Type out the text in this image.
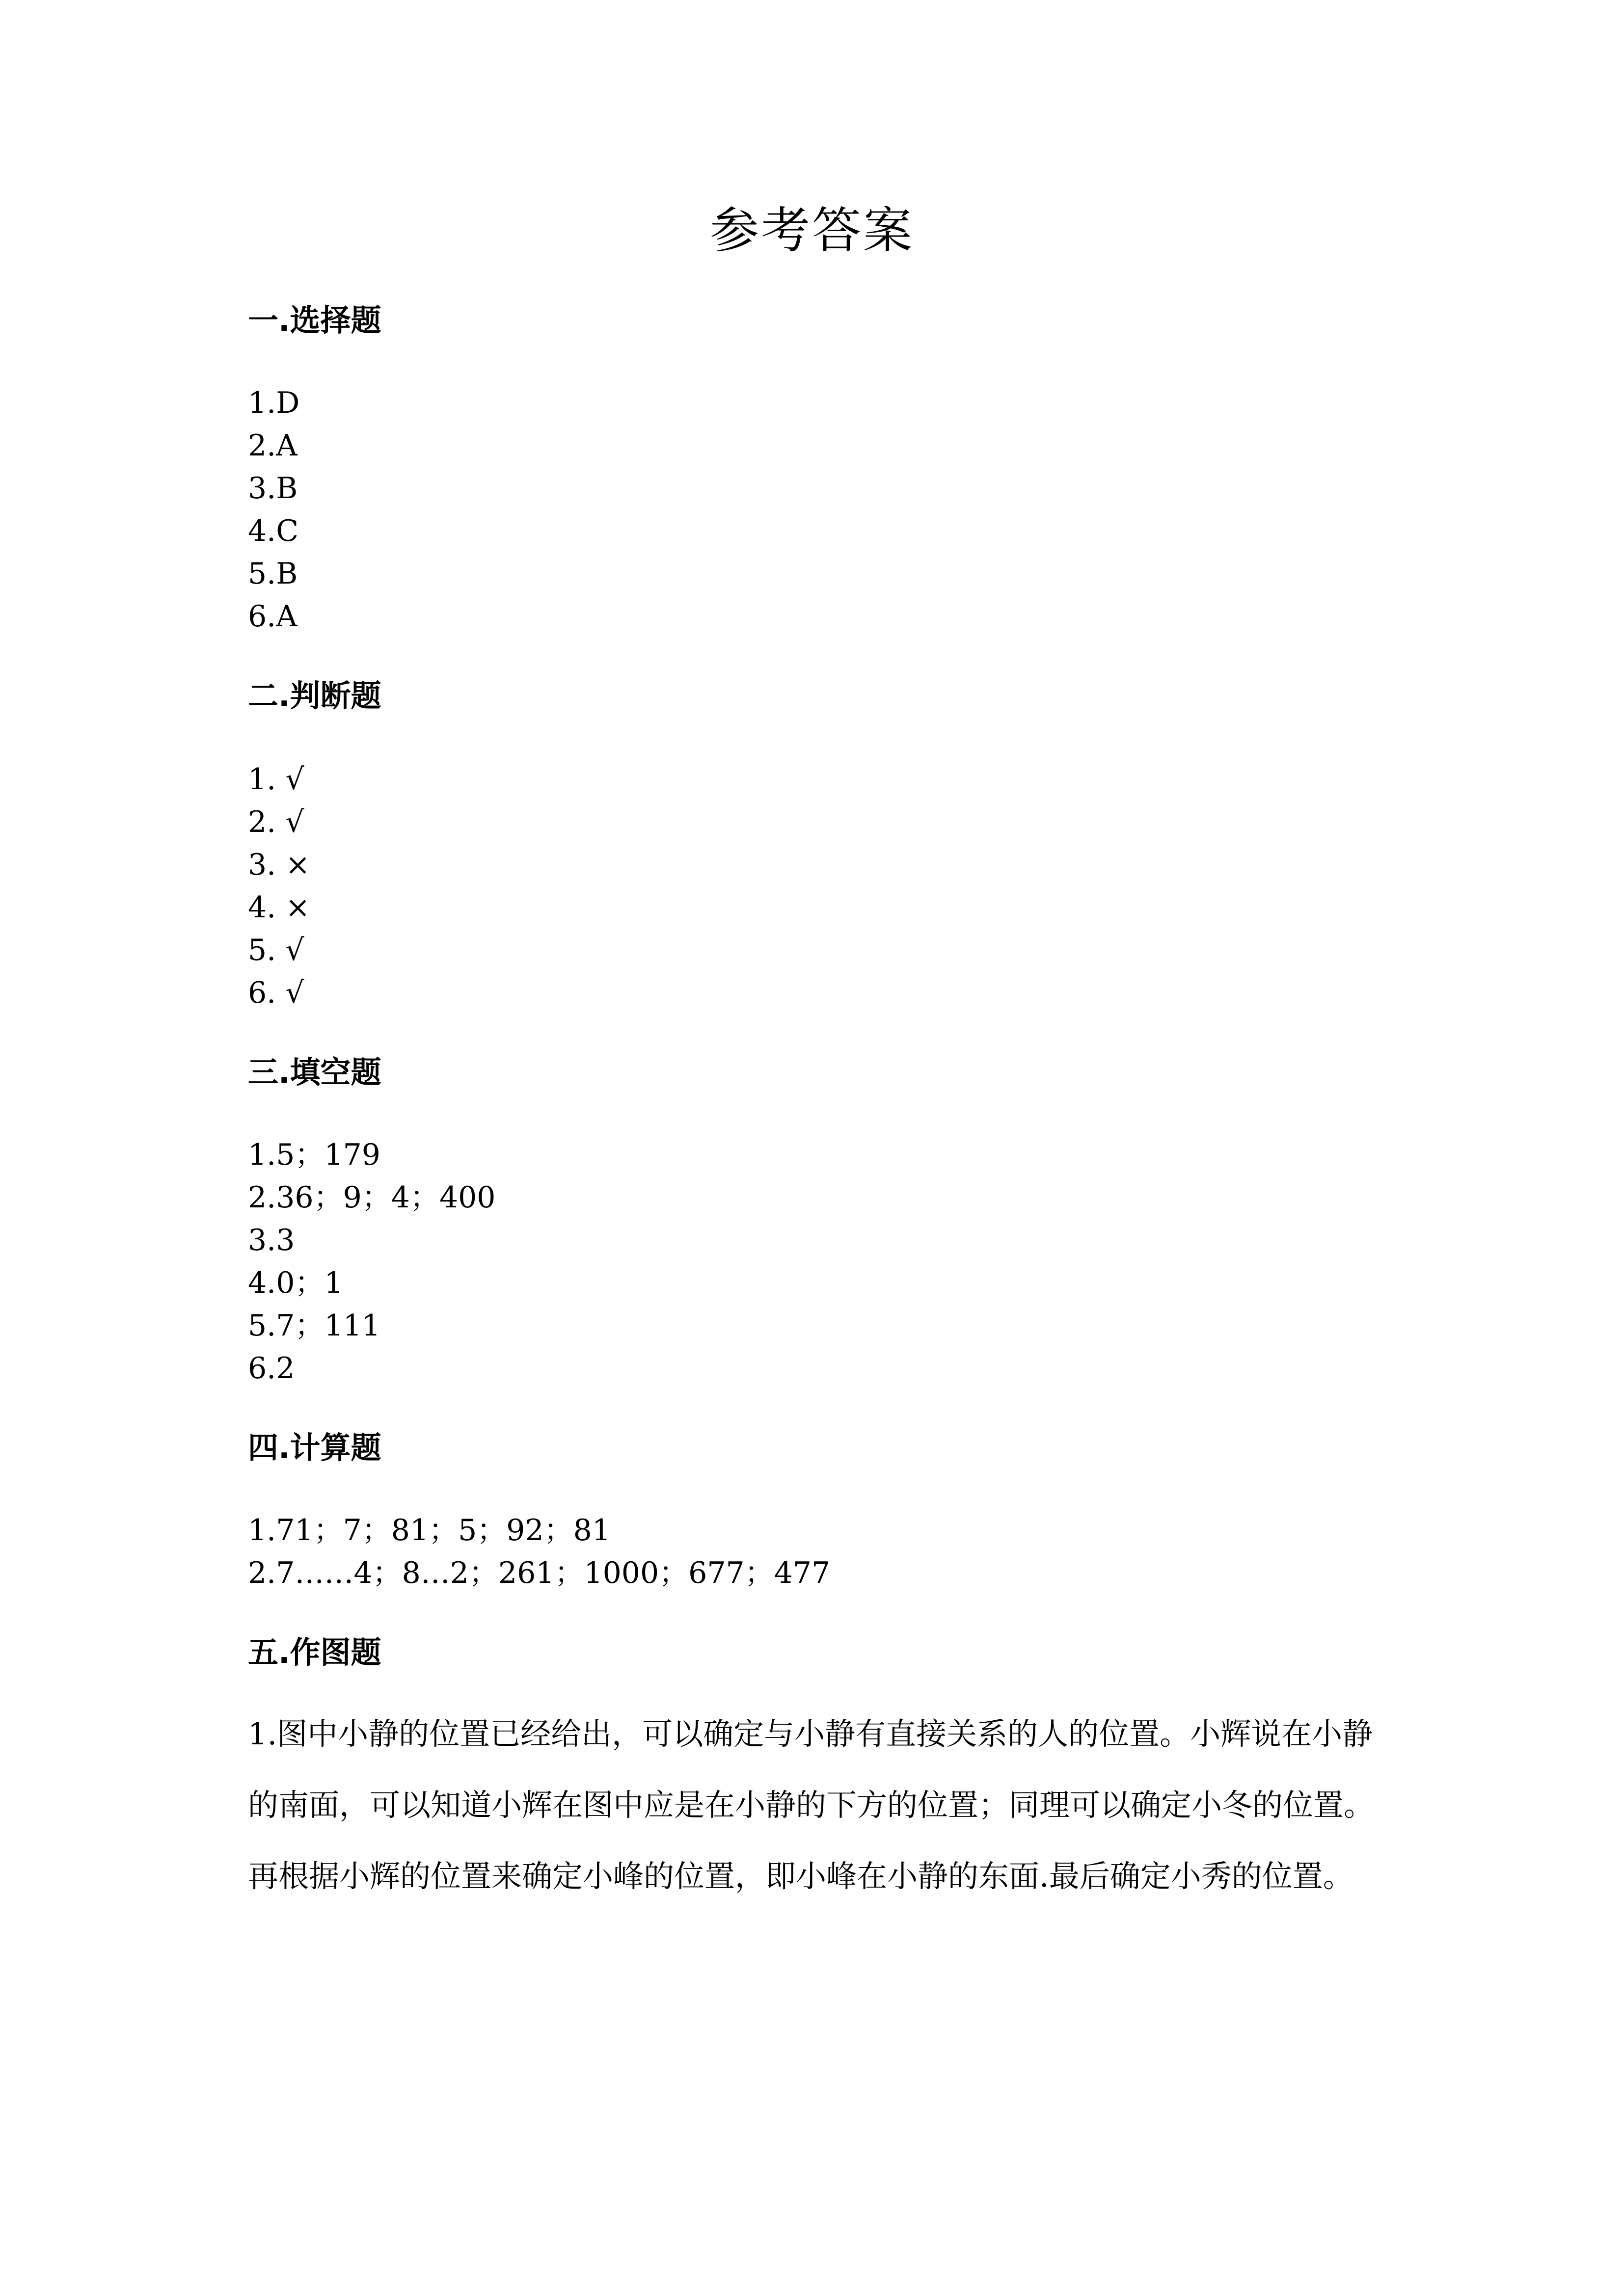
参考答案
一.选择题
1.D
2.A
3.B
4.C
5.B
6.A
二.判断题
1. √
2. √
3. ×
4. ×
5. √
6. √
三.填空题
1.5；179
2.36；9；4；400
3.3
4.0；1
5.7；111
6.2
四.计算题
1.71；7；81；5；92；81
2.7……4；8…2；261；1000；677；477
五.作图题

1.图中小静的位置已经给出，可以确定与小静有直接关系的人的位置。小辉说在小静的南面，可以知道小辉在图中应是在小静的下方的位置；同理可以确定小冬的位置。再根据小辉的位置来确定小峰的位置，即小峰在小静的东面.最后确定小秀的位置。
